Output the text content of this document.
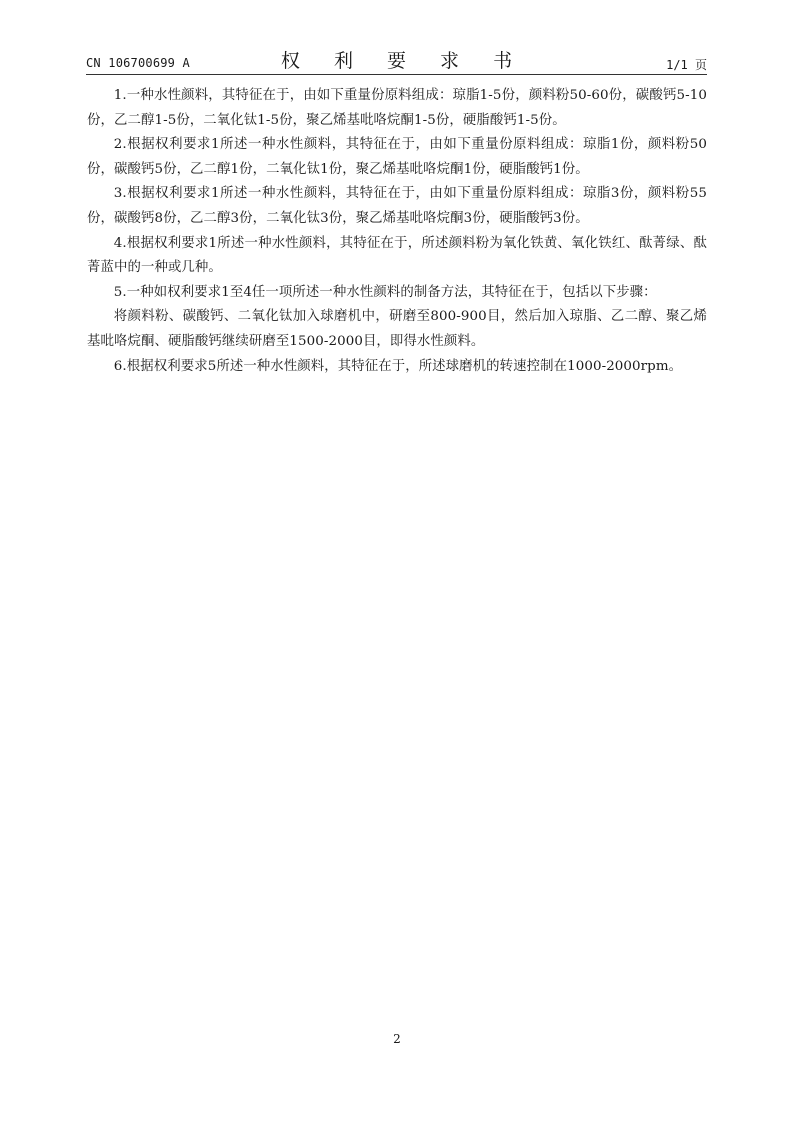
CN 106700699 A	权 利 要 求 书	1/1 页

1.一种水性颜料，其特征在于，由如下重量份原料组成：琼脂1-5份，颜料粉50-60份，碳酸钙5-10份，乙二醇1-5份，二氧化钛1-5份，聚乙烯基吡咯烷酮1-5份，硬脂酸钙1-5份。

2.根据权利要求1所述一种水性颜料，其特征在于，由如下重量份原料组成：琼脂1份，颜料粉50份，碳酸钙5份，乙二醇1份，二氧化钛1份，聚乙烯基吡咯烷酮1份，硬脂酸钙1份。

3.根据权利要求1所述一种水性颜料，其特征在于，由如下重量份原料组成：琼脂3份，颜料粉55份，碳酸钙8份，乙二醇3份，二氧化钛3份，聚乙烯基吡咯烷酮3份，硬脂酸钙3份。

4.根据权利要求1所述一种水性颜料，其特征在于，所述颜料粉为氧化铁黄、氧化铁红、酞菁绿、酞菁蓝中的一种或几种。

5.一种如权利要求1至4任一项所述一种水性颜料的制备方法，其特征在于，包括以下步骤：

将颜料粉、碳酸钙、二氧化钛加入球磨机中，研磨至800-900目，然后加入琼脂、乙二醇、聚乙烯基吡咯烷酮、硬脂酸钙继续研磨至1500-2000目，即得水性颜料。

6.根据权利要求5所述一种水性颜料，其特征在于，所述球磨机的转速控制在1000-2000rpm。

2
